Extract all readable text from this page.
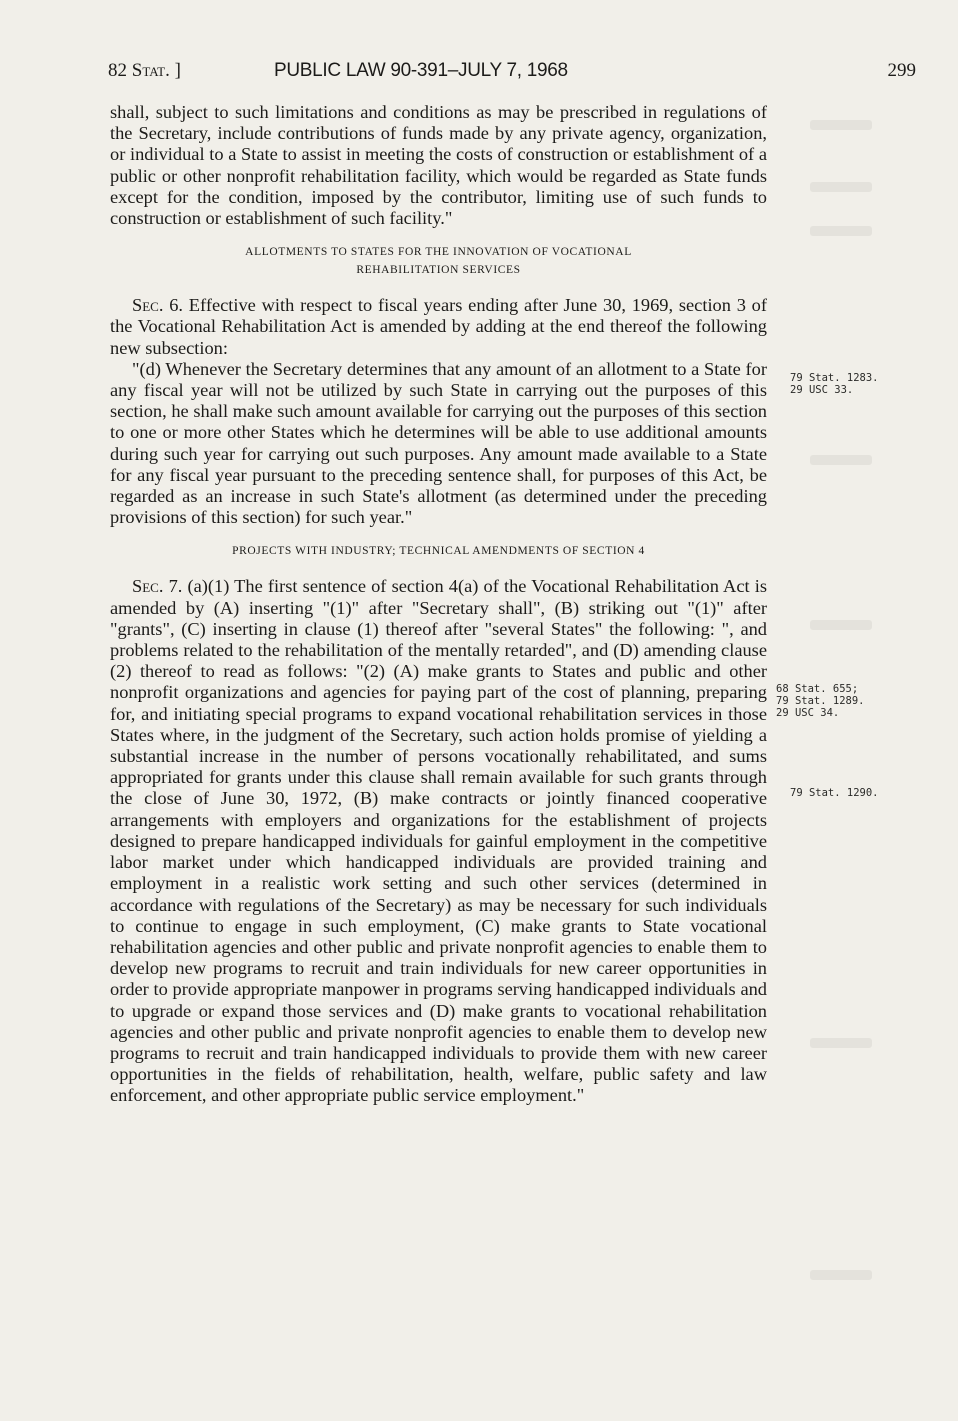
82 Stat. ]	PUBLIC LAW 90-391–JULY 7, 1968	299

shall, subject to such limitations and conditions as may be prescribed in regulations of the Secretary, include contributions of funds made by any private agency, organization, or individual to a State to assist in meeting the costs of construction or establishment of a public or other nonprofit rehabilitation facility, which would be regarded as State funds except for the condition, imposed by the contributor, limiting use of such funds to construction or establishment of such facility."

ALLOTMENTS TO STATES FOR THE INNOVATION OF VOCATIONAL
REHABILITATION SERVICES

Sec. 6. Effective with respect to fiscal years ending after June 30, 1969, section 3 of the Vocational Rehabilitation Act is amended by adding at the end thereof the following new subsection:

"(d) Whenever the Secretary determines that any amount of an allotment to a State for any fiscal year will not be utilized by such State in carrying out the purposes of this section, he shall make such amount available for carrying out the purposes of this section to one or more other States which he determines will be able to use additional amounts during such year for carrying out such purposes. Any amount made available to a State for any fiscal year pursuant to the preceding sentence shall, for purposes of this Act, be regarded as an increase in such State's allotment (as determined under the preceding provisions of this section) for such year."

PROJECTS WITH INDUSTRY; TECHNICAL AMENDMENTS OF SECTION 4

Sec. 7. (a)(1) The first sentence of section 4(a) of the Vocational Rehabilitation Act is amended by (A) inserting "(1)" after "Secretary shall", (B) striking out "(1)" after "grants", (C) inserting in clause (1) thereof after "several States" the following: ", and problems related to the rehabilitation of the mentally retarded", and (D) amending clause (2) thereof to read as follows: "(2) (A) make grants to States and public and other nonprofit organizations and agencies for paying part of the cost of planning, preparing for, and initiating special programs to expand vocational rehabilitation services in those States where, in the judgment of the Secretary, such action holds promise of yielding a substantial increase in the number of persons vocationally rehabilitated, and sums appropriated for grants under this clause shall remain available for such grants through the close of June 30, 1972, (B) make contracts or jointly financed cooperative arrangements with employers and organizations for the establishment of projects designed to prepare handicapped individuals for gainful employment in the competitive labor market under which handicapped individuals are provided training and employment in a realistic work setting and such other services (determined in accordance with regulations of the Secretary) as may be necessary for such individuals to continue to engage in such employment, (C) make grants to State vocational rehabilitation agencies and other public and private nonprofit agencies to enable them to develop new programs to recruit and train individuals for new career opportunities in order to provide appropriate manpower in programs serving handicapped individuals and to upgrade or expand those services and (D) make grants to vocational rehabilitation agencies and other public and private nonprofit agencies to enable them to develop new programs to recruit and train handicapped individuals to provide them with new career opportunities in the fields of rehabilitation, health, welfare, public safety and law enforcement, and other appropriate public service employment."

79 Stat. 1283.
29 USC 33.
68 Stat. 655;
79 Stat. 1289.
29 USC 34.
79 Stat. 1290.
